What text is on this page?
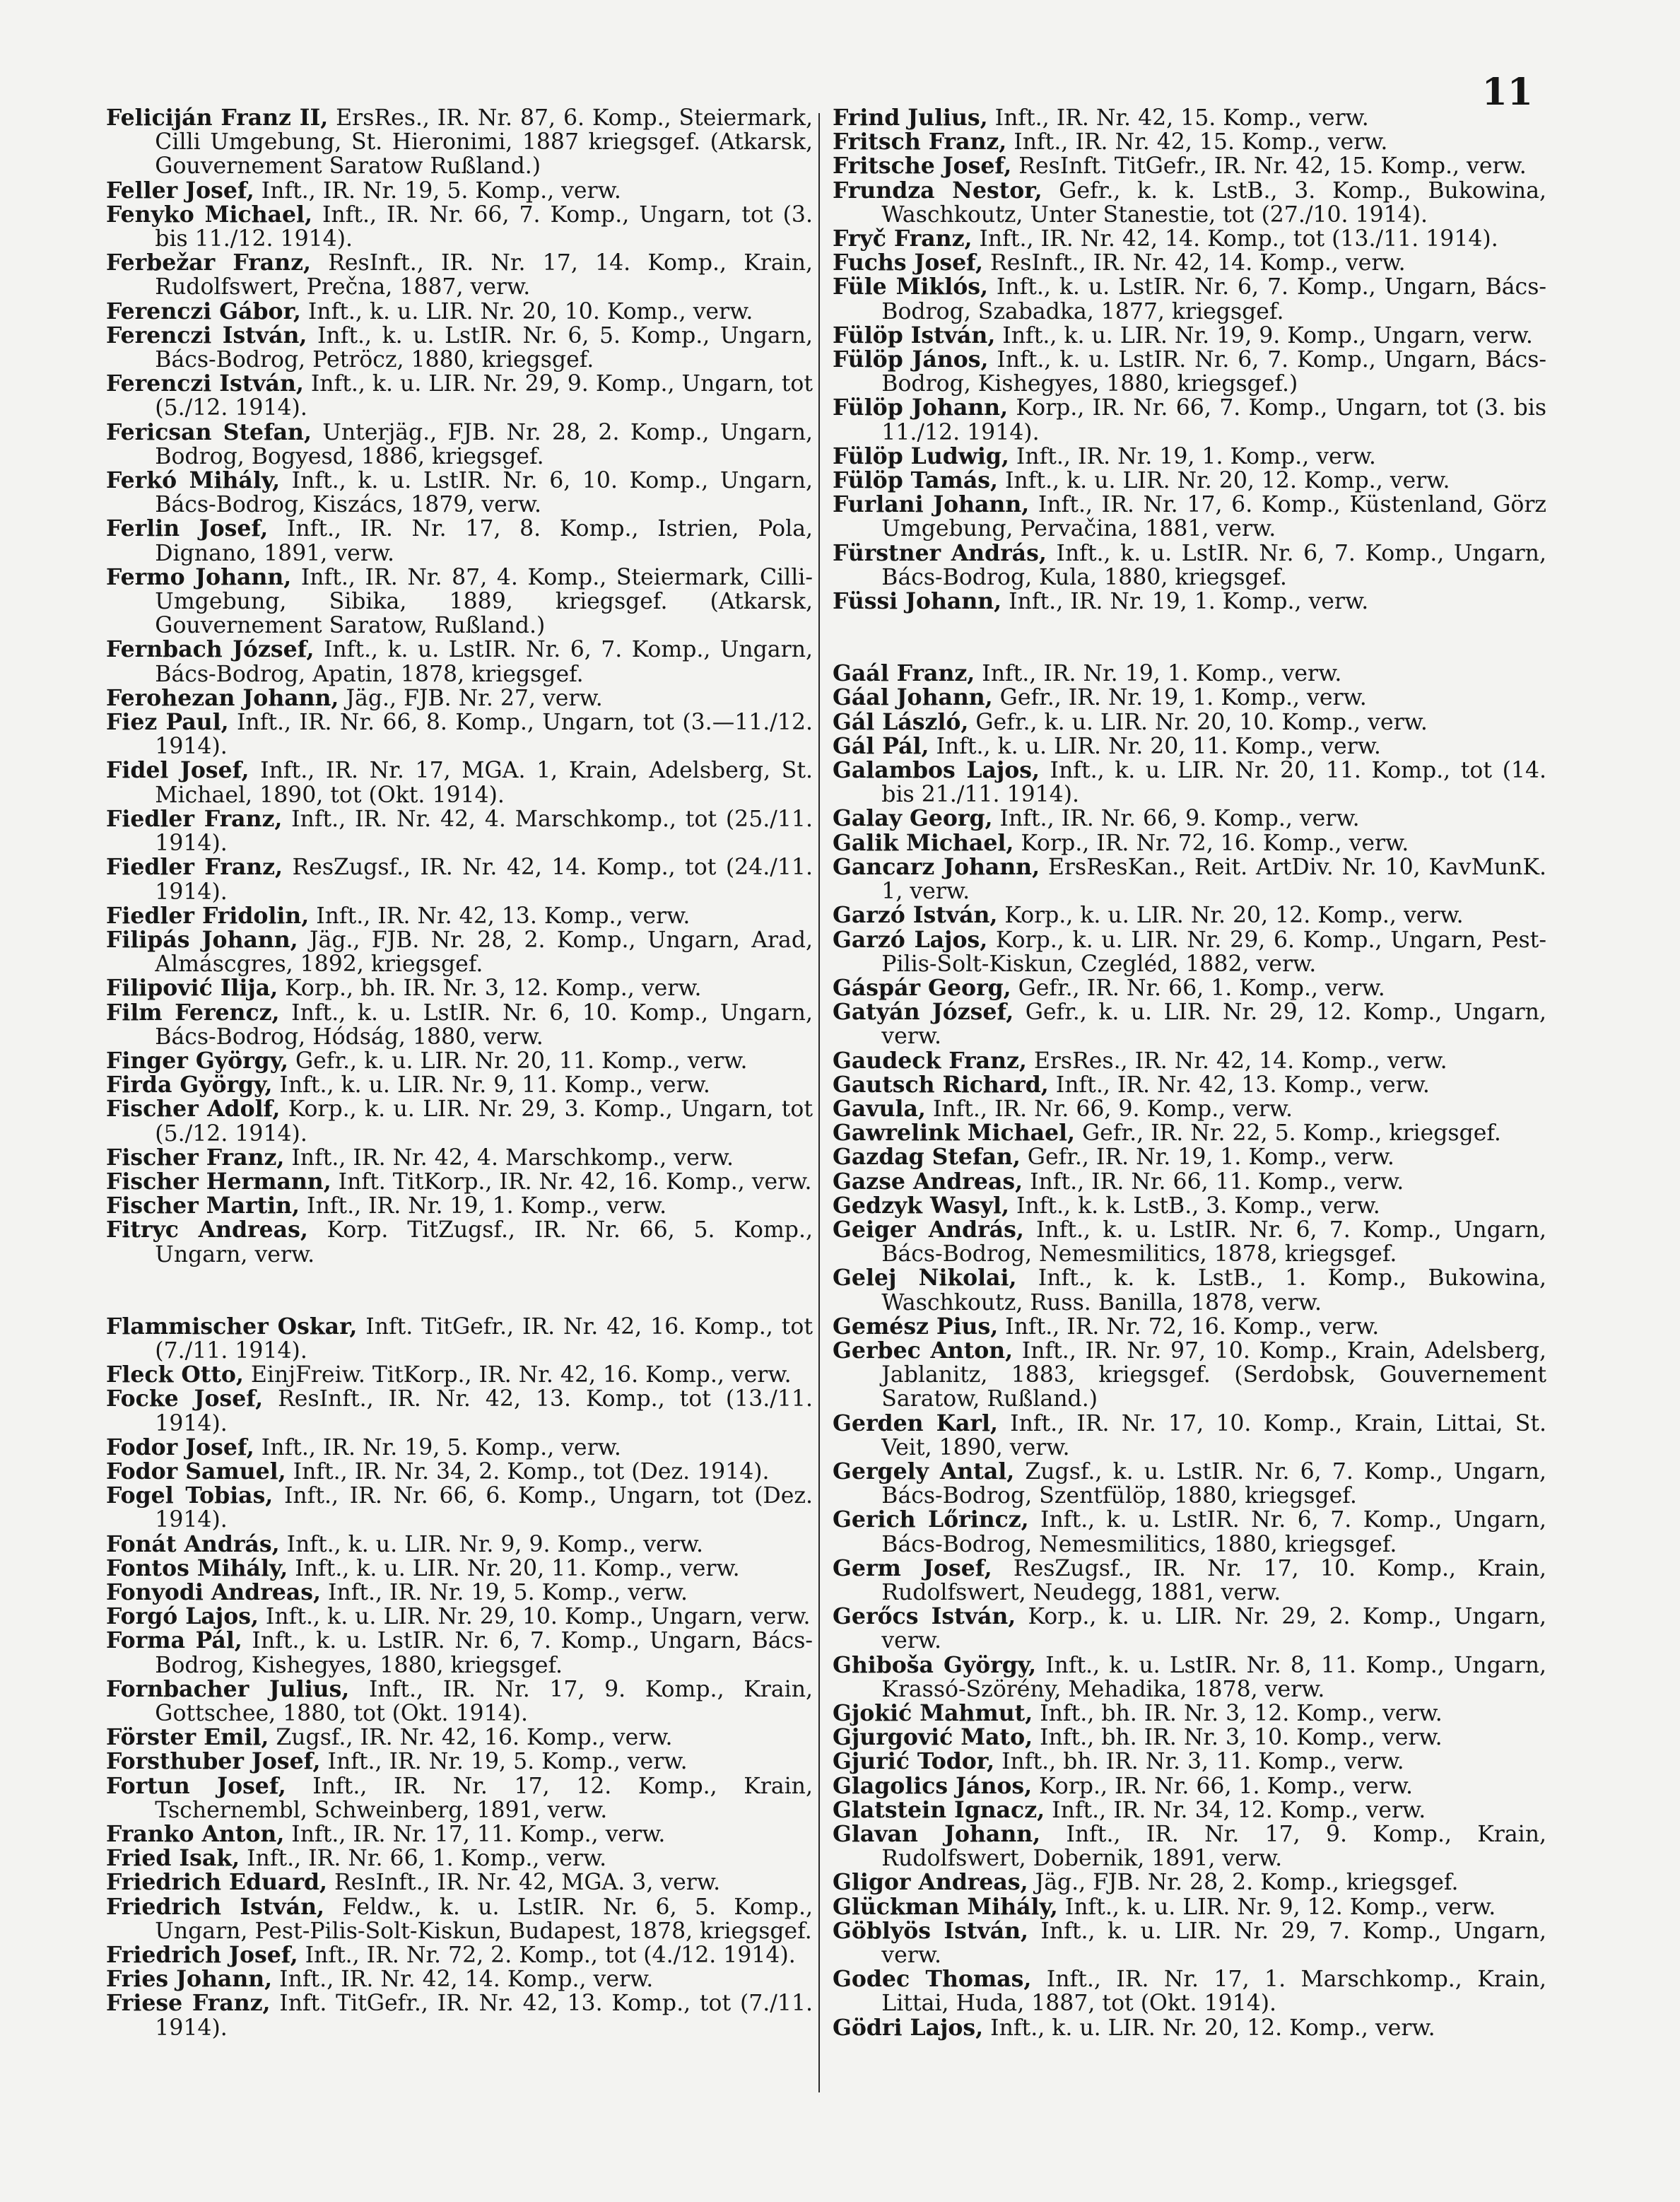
11

Feliciján Franz II, ErsRes., IR. Nr. 87, 6. Komp., Steiermark, Cilli Umgebung, St. Hieronimi, 1887 kriegsgef. (Atkarsk, Gouvernement Saratow Rußland.)

Feller Josef, Inft., IR. Nr. 19, 5. Komp., verw.

Fenyko Michael, Inft., IR. Nr. 66, 7. Komp., Ungarn, tot (3. bis 11./12. 1914).

Ferbežar Franz, ResInft., IR. Nr. 17, 14. Komp., Krain, Rudolfswert, Prečna, 1887, verw.

Ferenczi Gábor, Inft., k. u. LIR. Nr. 20, 10. Komp., verw.

Ferenczi István, Inft., k. u. LstIR. Nr. 6, 5. Komp., Ungarn, Bács-Bodrog, Petröcz, 1880, kriegsgef.

Ferenczi István, Inft., k. u. LIR. Nr. 29, 9. Komp., Ungarn, tot (5./12. 1914).

Fericsan Stefan, Unterjäg., FJB. Nr. 28, 2. Komp., Ungarn, Bodrog, Bogyesd, 1886, kriegsgef.

Ferkó Mihály, Inft., k. u. LstIR. Nr. 6, 10. Komp., Ungarn, Bács-Bodrog, Kiszács, 1879, verw.

Ferlin Josef, Inft., IR. Nr. 17, 8. Komp., Istrien, Pola, Dignano, 1891, verw.

Fermo Johann, Inft., IR. Nr. 87, 4. Komp., Steiermark, Cilli-Umgebung, Sibika, 1889, kriegsgef. (Atkarsk, Gouvernement Saratow, Rußland.)

Fernbach József, Inft., k. u. LstIR. Nr. 6, 7. Komp., Ungarn, Bács-Bodrog, Apatin, 1878, kriegsgef.

Ferohezan Johann, Jäg., FJB. Nr. 27, verw.

Fiez Paul, Inft., IR. Nr. 66, 8. Komp., Ungarn, tot (3.—11./12. 1914).

Fidel Josef, Inft., IR. Nr. 17, MGA. 1, Krain, Adelsberg, St. Michael, 1890, tot (Okt. 1914).

Fiedler Franz, Inft., IR. Nr. 42, 4. Marschkomp., tot (25./11. 1914).

Fiedler Franz, ResZugsf., IR. Nr. 42, 14. Komp., tot (24./11. 1914).

Fiedler Fridolin, Inft., IR. Nr. 42, 13. Komp., verw.

Filipás Johann, Jäg., FJB. Nr. 28, 2. Komp., Ungarn, Arad, Almáscgres, 1892, kriegsgef.

Filipović Ilija, Korp., bh. IR. Nr. 3, 12. Komp., verw.

Film Ferencz, Inft., k. u. LstIR. Nr. 6, 10. Komp., Ungarn, Bács-Bodrog, Hódság, 1880, verw.

Finger György, Gefr., k. u. LIR. Nr. 20, 11. Komp., verw.

Firda György, Inft., k. u. LIR. Nr. 9, 11. Komp., verw.

Fischer Adolf, Korp., k. u. LIR. Nr. 29, 3. Komp., Ungarn, tot (5./12. 1914).

Fischer Franz, Inft., IR. Nr. 42, 4. Marschkomp., verw.

Fischer Hermann, Inft. TitKorp., IR. Nr. 42, 16. Komp., verw.

Fischer Martin, Inft., IR. Nr. 19, 1. Komp., verw.

Fitryc Andreas, Korp. TitZugsf., IR. Nr. 66, 5. Komp., Ungarn, verw.

Flammischer Oskar, Inft. TitGefr., IR. Nr. 42, 16. Komp., tot (7./11. 1914).

Fleck Otto, EinjFreiw. TitKorp., IR. Nr. 42, 16. Komp., verw.

Focke Josef, ResInft., IR. Nr. 42, 13. Komp., tot (13./11. 1914).

Fodor Josef, Inft., IR. Nr. 19, 5. Komp., verw.

Fodor Samuel, Inft., IR. Nr. 34, 2. Komp., tot (Dez. 1914).

Fogel Tobias, Inft., IR. Nr. 66, 6. Komp., Ungarn, tot (Dez. 1914).

Fonát András, Inft., k. u. LIR. Nr. 9, 9. Komp., verw.

Fontos Mihály, Inft., k. u. LIR. Nr. 20, 11. Komp., verw.

Fonyodi Andreas, Inft., IR. Nr. 19, 5. Komp., verw.

Forgó Lajos, Inft., k. u. LIR. Nr. 29, 10. Komp., Ungarn, verw.

Forma Pál, Inft., k. u. LstIR. Nr. 6, 7. Komp., Ungarn, Bács-Bodrog, Kishegyes, 1880, kriegsgef.

Fornbacher Julius, Inft., IR. Nr. 17, 9. Komp., Krain, Gottschee, 1880, tot (Okt. 1914).

Förster Emil, Zugsf., IR. Nr. 42, 16. Komp., verw.

Forsthuber Josef, Inft., IR. Nr. 19, 5. Komp., verw.

Fortun Josef, Inft., IR. Nr. 17, 12. Komp., Krain, Tschernembl, Schweinberg, 1891, verw.

Franko Anton, Inft., IR. Nr. 17, 11. Komp., verw.

Fried Isak, Inft., IR. Nr. 66, 1. Komp., verw.

Friedrich Eduard, ResInft., IR. Nr. 42, MGA. 3, verw.

Friedrich István, Feldw., k. u. LstIR. Nr. 6, 5. Komp., Ungarn, Pest-Pilis-Solt-Kiskun, Budapest, 1878, kriegsgef.

Friedrich Josef, Inft., IR. Nr. 72, 2. Komp., tot (4./12. 1914).

Fries Johann, Inft., IR. Nr. 42, 14. Komp., verw.

Friese Franz, Inft. TitGefr., IR. Nr. 42, 13. Komp., tot (7./11. 1914).

Frind Julius, Inft., IR. Nr. 42, 15. Komp., verw.

Fritsch Franz, Inft., IR. Nr. 42, 15. Komp., verw.

Fritsche Josef, ResInft. TitGefr., IR. Nr. 42, 15. Komp., verw.

Frundza Nestor, Gefr., k. k. LstB., 3. Komp., Bukowina, Waschkoutz, Unter Stanestie, tot (27./10. 1914).

Fryč Franz, Inft., IR. Nr. 42, 14. Komp., tot (13./11. 1914).

Fuchs Josef, ResInft., IR. Nr. 42, 14. Komp., verw.

Füle Miklós, Inft., k. u. LstIR. Nr. 6, 7. Komp., Ungarn, Bács-Bodrog, Szabadka, 1877, kriegsgef.

Fülöp István, Inft., k. u. LIR. Nr. 19, 9. Komp., Ungarn, verw.

Fülöp János, Inft., k. u. LstIR. Nr. 6, 7. Komp., Ungarn, Bács-Bodrog, Kishegyes, 1880, kriegsgef.)

Fülöp Johann, Korp., IR. Nr. 66, 7. Komp., Ungarn, tot (3. bis 11./12. 1914).

Fülöp Ludwig, Inft., IR. Nr. 19, 1. Komp., verw.

Fülöp Tamás, Inft., k. u. LIR. Nr. 20, 12. Komp., verw.

Furlani Johann, Inft., IR. Nr. 17, 6. Komp., Küstenland, Görz Umgebung, Pervačina, 1881, verw.

Fürstner András, Inft., k. u. LstIR. Nr. 6, 7. Komp., Ungarn, Bács-Bodrog, Kula, 1880, kriegsgef.

Füssi Johann, Inft., IR. Nr. 19, 1. Komp., verw.

Gaál Franz, Inft., IR. Nr. 19, 1. Komp., verw.

Gáal Johann, Gefr., IR. Nr. 19, 1. Komp., verw.

Gál László, Gefr., k. u. LIR. Nr. 20, 10. Komp., verw.

Gál Pál, Inft., k. u. LIR. Nr. 20, 11. Komp., verw.

Galambos Lajos, Inft., k. u. LIR. Nr. 20, 11. Komp., tot (14. bis 21./11. 1914).

Galay Georg, Inft., IR. Nr. 66, 9. Komp., verw.

Galik Michael, Korp., IR. Nr. 72, 16. Komp., verw.

Gancarz Johann, ErsResKan., Reit. ArtDiv. Nr. 10, KavMunK. 1, verw.

Garzó István, Korp., k. u. LIR. Nr. 20, 12. Komp., verw.

Garzó Lajos, Korp., k. u. LIR. Nr. 29, 6. Komp., Ungarn, Pest-Pilis-Solt-Kiskun, Czegléd, 1882, verw.

Gáspár Georg, Gefr., IR. Nr. 66, 1. Komp., verw.

Gatyán József, Gefr., k. u. LIR. Nr. 29, 12. Komp., Ungarn, verw.

Gaudeck Franz, ErsRes., IR. Nr. 42, 14. Komp., verw.

Gautsch Richard, Inft., IR. Nr. 42, 13. Komp., verw.

Gavula, Inft., IR. Nr. 66, 9. Komp., verw.

Gawrelink Michael, Gefr., IR. Nr. 22, 5. Komp., kriegsgef.

Gazdag Stefan, Gefr., IR. Nr. 19, 1. Komp., verw.

Gazse Andreas, Inft., IR. Nr. 66, 11. Komp., verw.

Gedzyk Wasyl, Inft., k. k. LstB., 3. Komp., verw.

Geiger András, Inft., k. u. LstIR. Nr. 6, 7. Komp., Ungarn, Bács-Bodrog, Nemesmilitics, 1878, kriegsgef.

Gelej Nikolai, Inft., k. k. LstB., 1. Komp., Bukowina, Waschkoutz, Russ. Banilla, 1878, verw.

Gemész Pius, Inft., IR. Nr. 72, 16. Komp., verw.

Gerbec Anton, Inft., IR. Nr. 97, 10. Komp., Krain, Adelsberg, Jablanitz, 1883, kriegsgef. (Serdobsk, Gouvernement Saratow, Rußland.)

Gerden Karl, Inft., IR. Nr. 17, 10. Komp., Krain, Littai, St. Veit, 1890, verw.

Gergely Antal, Zugsf., k. u. LstIR. Nr. 6, 7. Komp., Ungarn, Bács-Bodrog, Szentfülöp, 1880, kriegsgef.

Gerich Lőrincz, Inft., k. u. LstIR. Nr. 6, 7. Komp., Ungarn, Bács-Bodrog, Nemesmilitics, 1880, kriegsgef.

Germ Josef, ResZugsf., IR. Nr. 17, 10. Komp., Krain, Rudolfswert, Neudegg, 1881, verw.

Gerőcs István, Korp., k. u. LIR. Nr. 29, 2. Komp., Ungarn, verw.

Ghiboša György, Inft., k. u. LstIR. Nr. 8, 11. Komp., Ungarn, Krassó-Szörény, Mehadika, 1878, verw.

Gjokić Mahmut, Inft., bh. IR. Nr. 3, 12. Komp., verw.

Gjurgović Mato, Inft., bh. IR. Nr. 3, 10. Komp., verw.

Gjurić Todor, Inft., bh. IR. Nr. 3, 11. Komp., verw.

Glagolics János, Korp., IR. Nr. 66, 1. Komp., verw.

Glatstein Ignacz, Inft., IR. Nr. 34, 12. Komp., verw.

Glavan Johann, Inft., IR. Nr. 17, 9. Komp., Krain, Rudolfswert, Dobernik, 1891, verw.

Gligor Andreas, Jäg., FJB. Nr. 28, 2. Komp., kriegsgef.

Glückman Mihály, Inft., k. u. LIR. Nr. 9, 12. Komp., verw.

Göblyös István, Inft., k. u. LIR. Nr. 29, 7. Komp., Ungarn, verw.

Godec Thomas, Inft., IR. Nr. 17, 1. Marschkomp., Krain, Littai, Huda, 1887, tot (Okt. 1914).

Gödri Lajos, Inft., k. u. LIR. Nr. 20, 12. Komp., verw.
